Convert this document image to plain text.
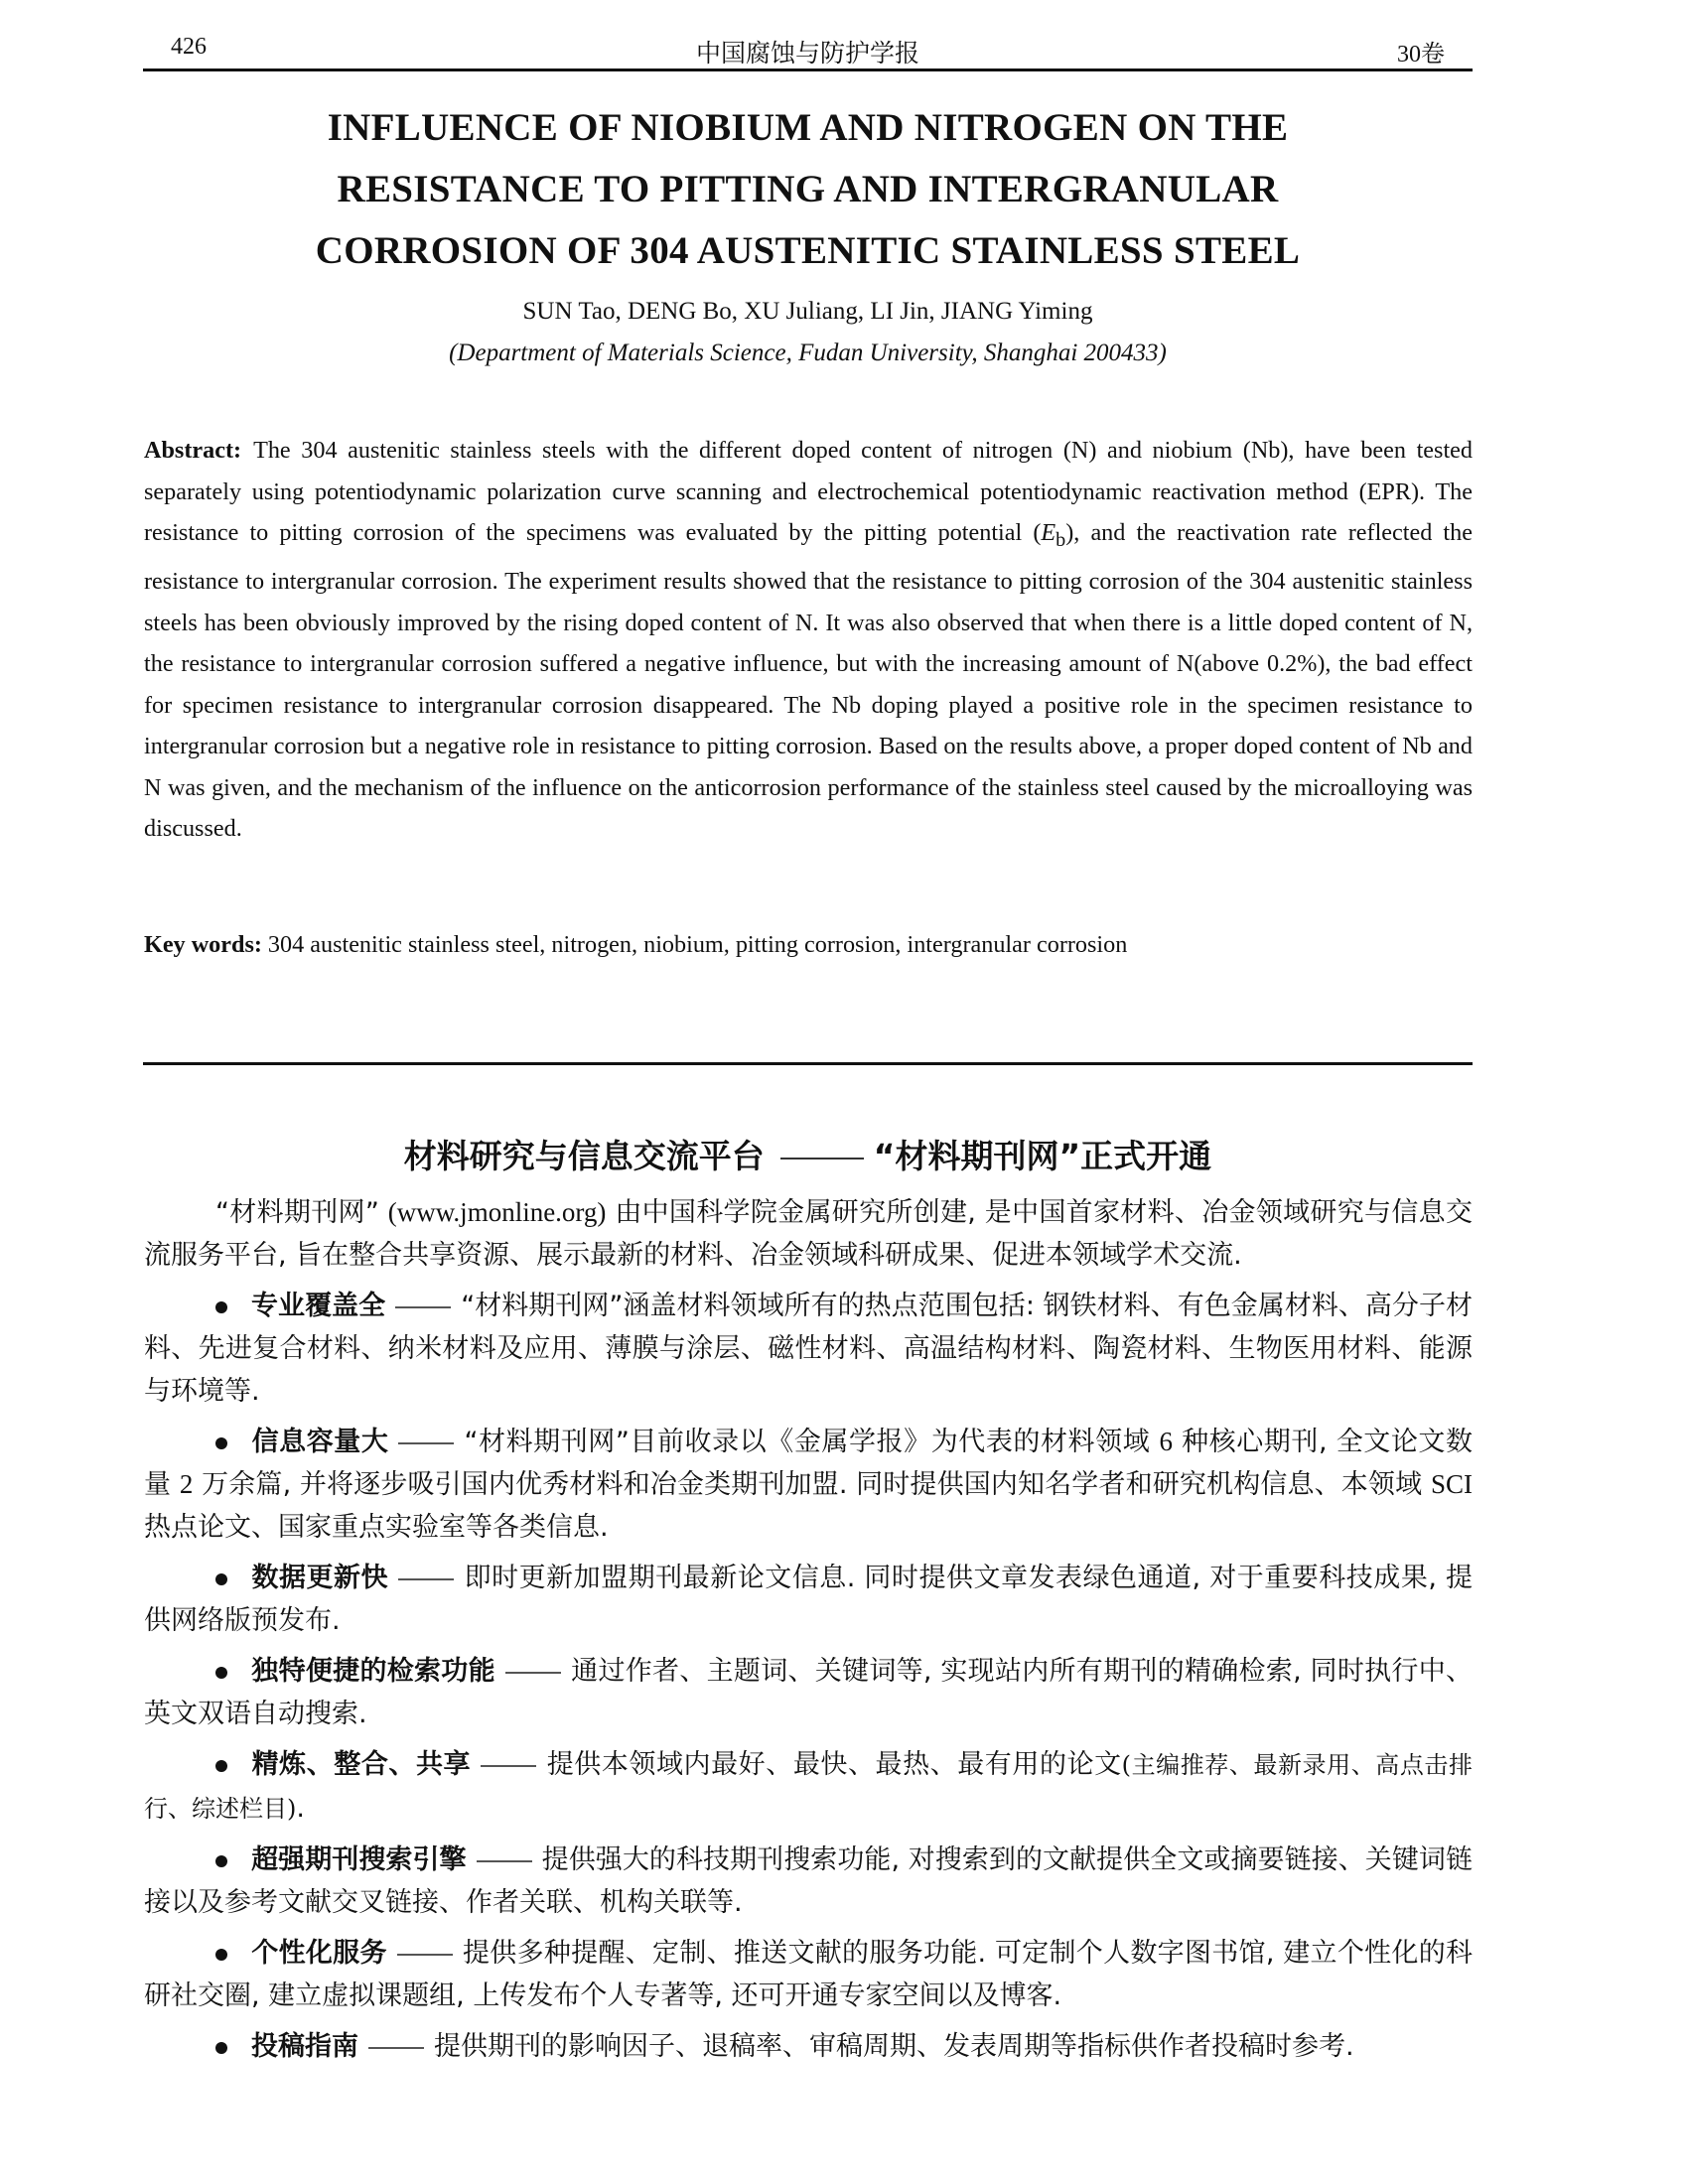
426	中国腐蚀与防护学报	30卷
INFLUENCE OF NIOBIUM AND NITROGEN ON THE
RESISTANCE TO PITTING AND INTERGRANULAR
CORROSION OF 304 AUSTENITIC STAINLESS STEEL
SUN Tao, DENG Bo, XU Juliang, LI Jin, JIANG Yiming
(Department of Materials Science, Fudan University, Shanghai 200433)
Abstract: The 304 austenitic stainless steels with the different doped content of nitrogen (N) and niobium (Nb), have been tested separately using potentiodynamic polarization curve scanning and electrochemical potentiodynamic reactivation method (EPR). The resistance to pitting corrosion of the specimens was evaluated by the pitting potential $(E_b)$, and the reactivation rate reflected the resistance to intergranular corrosion. The experiment results showed that the resistance to pitting corrosion of the 304 austenitic stainless steels has been obviously improved by the rising doped content of N. It was also observed that when there is a little doped content of N, the resistance to intergranular corrosion suffered a negative influence, but with the increasing amount of N(above 0.2%), the bad effect for specimen resistance to intergranular corrosion disappeared. The Nb doping played a positive role in the specimen resistance to intergranular corrosion but a negative role in resistance to pitting corrosion. Based on the results above, a proper doped content of Nb and N was given, and the mechanism of the influence on the anticorrosion performance of the stainless steel caused by the microalloying was discussed.
Key words: 304 austenitic stainless steel, nitrogen, niobium, pitting corrosion, intergranular corrosion
材料研究与信息交流平台	“材料期刊网”正式开通

“材料期刊网” (www.jmonline.org) 由中国科学院金属研究所创建, 是中国首家材料、冶金领域研究与信息交流服务平台, 旨在整合共享资源、展示最新的材料、冶金领域科研成果、促进本领域学术交流.

专业覆盖全	“材料期刊网”涵盖材料领域所有的热点范围包括: 钢铁材料、有色金属材料、高分子材料、先进复合材料、纳米材料及应用、薄膜与涂层、磁性材料、高温结构材料、陶瓷材料、生物医用材料、能源与环境等.

信息容量大	“材料期刊网”目前收录以《金属学报》为代表的材料领域 6 种核心期刊, 全文论文数量 2 万余篇, 并将逐步吸引国内优秀材料和冶金类期刊加盟. 同时提供国内知名学者和研究机构信息、本领域 SCI 热点论文、国家重点实验室等各类信息.

数据更新快	即时更新加盟期刊最新论文信息. 同时提供文章发表绿色通道, 对于重要科技成果, 提供网络版预发布.

独特便捷的检索功能	通过作者、主题词、关键词等, 实现站内所有期刊的精确检索, 同时执行中、英文双语自动搜索.

精炼、整合、共享	提供本领域内最好、最快、最热、最有用的论文(主编推荐、最新录用、高点击排行、综述栏目).

超强期刊搜索引擎	提供强大的科技期刊搜索功能, 对搜索到的文献提供全文或摘要链接、关键词链接以及参考文献交叉链接、作者关联、机构关联等.

个性化服务	提供多种提醒、定制、推送文献的服务功能. 可定制个人数字图书馆, 建立个性化的科研社交圈, 建立虚拟课题组, 上传发布个人专著等, 还可开通专家空间以及博客.

投稿指南	提供期刊的影响因子、退稿率、审稿周期、发表周期等指标供作者投稿时参考.
